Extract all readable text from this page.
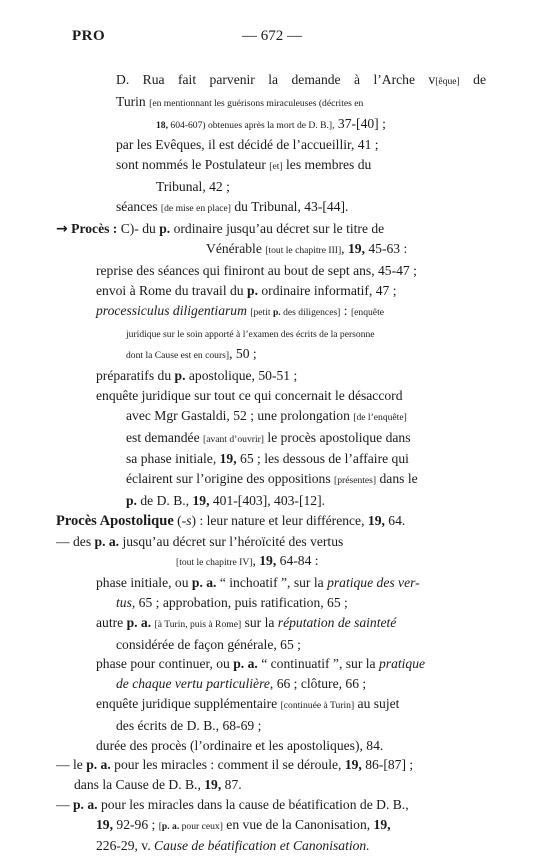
PRO	— 672 —
D. Rua fait parvenir la demande à l’Arche v[êque] de
Turin [en mentionnant les guérisons miraculeuses (décrites en
18, 604-607) obtenues après la mort de D. B.], 37-[40] ;
par les Evêques, il est décidé de l’accueillir, 41 ;
sont nommés le Postulateur [et] les membres du
Tribunal, 42 ;
séances [de mise en place] du Tribunal, 43-[44].
→ Procès : C)- du p. ordinaire jusqu’au décret sur le titre de
Vénérable [tout le chapitre III], 19, 45-63 :
reprise des séances qui finiront au bout de sept ans, 45-47 ;
envoi à Rome du travail du p. ordinaire informatif, 47 ;
processiculus diligentiarum [petit p. des diligences] : [enquête
juridique sur le soin apporté à l’examen des écrits de la personne
dont la Cause est en cours], 50 ;
préparatifs du p. apostolique, 50-51 ;
enquête juridique sur tout ce qui concernait le désaccord
avec Mgr Gastaldi, 52 ; une prolongation [de l’enquête]
est demandée [avant d’ouvrir] le procès apostolique dans
sa phase initiale, 19, 65 ; les dessous de l’affaire qui
éclairent sur l’origine des oppositions [présentes] dans le
p. de D. B., 19, 401-[403], 403-[12].
Procès Apostolique (-s) : leur nature et leur différence, 19, 64.
— des p. a. jusqu’au décret sur l’héroïcité des vertus
[tout le chapitre IV], 19, 64-84 :
phase initiale, ou p. a. “ inchoatif ”, sur la pratique des ver-
tus, 65 ; approbation, puis ratification, 65 ;
autre p. a. [à Turin, puis à Rome] sur la réputation de sainteté
considérée de façon générale, 65 ;
phase pour continuer, ou p. a. “ continuatif ”, sur la pratique
de chaque vertu particulière, 66 ; clôture, 66 ;
enquête juridique supplémentaire [continuée à Turin] au sujet
des écrits de D. B., 68-69 ;
durée des procès (l’ordinaire et les apostoliques), 84.
— le p. a. pour les miracles : comment il se déroule, 19, 86-[87] ;
dans la Cause de D. B., 19, 87.
— p. a. pour les miracles dans la cause de béatification de D. B.,
19, 92-96 ; [p. a. pour ceux] en vue de la Canonisation, 19,
226-29, v. Cause de béatification et Canonisation.
